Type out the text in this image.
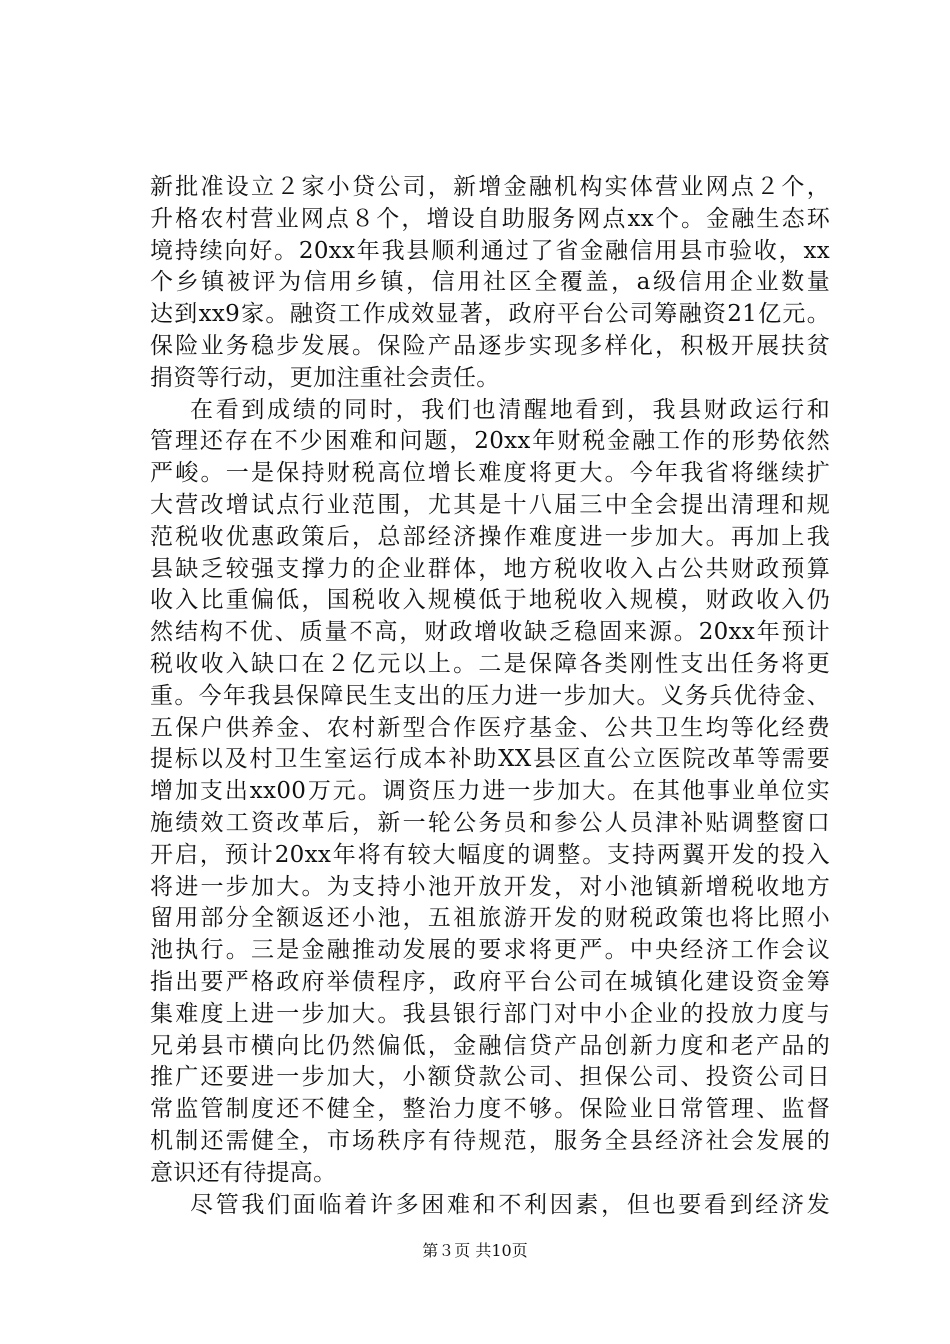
新批准设立２家小贷公司，新增金融机构实体营业网点２个，
升格农村营业网点８个，增设自助服务网点xx个。金融生态环
境持续向好。20xx年我县顺利通过了省金融信用县市验收，xx
个乡镇被评为信用乡镇，信用社区全覆盖，a级信用企业数量
达到xx9家。融资工作成效显著，政府平台公司筹融资21亿元。
保险业务稳步发展。保险产品逐步实现多样化，积极开展扶贫
捐资等行动，更加注重社会责任。
在看到成绩的同时，我们也清醒地看到，我县财政运行和
管理还存在不少困难和问题，20xx年财税金融工作的形势依然
严峻。一是保持财税高位增长难度将更大。今年我省将继续扩
大营改增试点行业范围，尤其是十八届三中全会提出清理和规
范税收优惠政策后，总部经济操作难度进一步加大。再加上我
县缺乏较强支撑力的企业群体，地方税收收入占公共财政预算
收入比重偏低，国税收入规模低于地税收入规模，财政收入仍
然结构不优、质量不高，财政增收缺乏稳固来源。20xx年预计
税收收入缺口在２亿元以上。二是保障各类刚性支出任务将更
重。今年我县保障民生支出的压力进一步加大。义务兵优待金、
五保户供养金、农村新型合作医疗基金、公共卫生均等化经费
提标以及村卫生室运行成本补助XX县区直公立医院改革等需要
增加支出xx00万元。调资压力进一步加大。在其他事业单位实
施绩效工资改革后，新一轮公务员和参公人员津补贴调整窗口
开启，预计20xx年将有较大幅度的调整。支持两翼开发的投入
将进一步加大。为支持小池开放开发，对小池镇新增税收地方
留用部分全额返还小池，五祖旅游开发的财税政策也将比照小
池执行。三是金融推动发展的要求将更严。中央经济工作会议
指出要严格政府举债程序，政府平台公司在城镇化建设资金筹
集难度上进一步加大。我县银行部门对中小企业的投放力度与
兄弟县市横向比仍然偏低，金融信贷产品创新力度和老产品的
推广还要进一步加大，小额贷款公司、担保公司、投资公司日
常监管制度还不健全，整治力度不够。保险业日常管理、监督
机制还需健全，市场秩序有待规范，服务全县经济社会发展的
意识还有待提高。
尽管我们面临着许多困难和不利因素，但也要看到经济发
第３页 共10页
